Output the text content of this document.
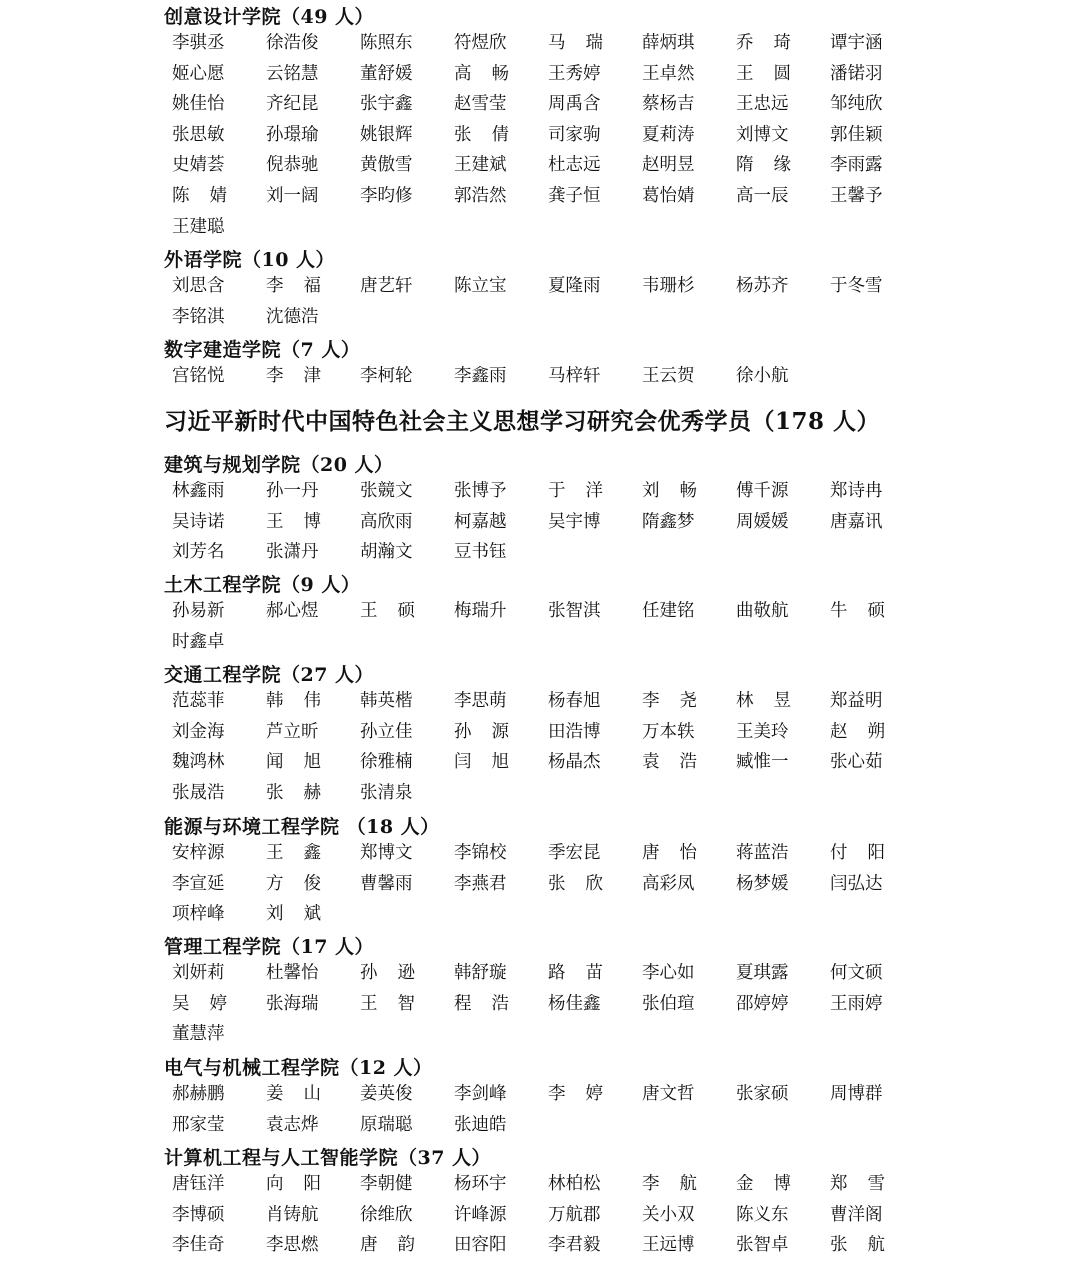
创意设计学院（49 人）
李骐丞	徐浩俊	陈照东	符煜欣	马瑞	薛炳琪	乔琦	谭宇涵
姬心愿	云铭慧	董舒媛	高畅	王秀婷	王卓然	王圆	潘锘羽
姚佳怡	齐纪昆	张宇鑫	赵雪莹	周禹含	蔡杨吉	王忠远	邹纯欣
张思敏	孙璟瑜	姚银辉	张倩	司家驹	夏莉涛	刘博文	郭佳颖
史婧荟	倪恭驰	黄傲雪	王建斌	杜志远	赵明昱	隋缘	李雨露
陈婧	刘一阔	李昀修	郭浩然	龚子恒	葛怡婧	高一辰	王馨予
王建聪
外语学院（10 人）
刘思含	李福	唐艺轩	陈立宝	夏隆雨	韦珊杉	杨苏齐	于冬雪
李铭淇	沈德浩
数字建造学院（7 人）
宫铭悦	李津	李柯轮	李鑫雨	马梓轩	王云贺	徐小航
习近平新时代中国特色社会主义思想学习研究会优秀学员（178 人）
建筑与规划学院（20 人）
林鑫雨	孙一丹	张競文	张博予	于洋	刘畅	傅千源	郑诗冉
吴诗诺	王博	高欣雨	柯嘉越	吴宇博	隋鑫梦	周媛媛	唐嘉讯
刘芳名	张潇丹	胡瀚文	豆书钰
土木工程学院（9 人）
孙易新	郝心煜	王硕	梅瑞升	张智淇	任建铭	曲敬航	牛硕
时鑫卓
交通工程学院（27 人）
范蕊菲	韩伟	韩英楷	李思萌	杨春旭	李尧	林昱	郑益明
刘金海	芦立昕	孙立佳	孙源	田浩博	万本轶	王美玲	赵朔
魏鸿林	闻旭	徐雅楠	闫旭	杨晶杰	袁浩	臧惟一	张心茹
张晟浩	张赫	张清泉
能源与环境工程学院 （18 人）
安梓源	王鑫	郑博文	李锦校	季宏昆	唐怡	蒋蓝浩	付阳
李宣延	方俊	曹馨雨	李燕君	张欣	高彩凤	杨梦媛	闫弘达
项梓峰	刘斌
管理工程学院（17 人）
刘妍莉	杜馨怡	孙逊	韩舒璇	路苗	李心如	夏琪露	何文硕
吴婷	张海瑞	王智	程浩	杨佳鑫	张伯瑄	邵婷婷	王雨婷
董慧萍
电气与机械工程学院（12 人）
郝赫鹏	姜山	姜英俊	李剑峰	李婷	唐文哲	张家硕	周博群
邢家莹	袁志烨	原瑞聪	张迪皓
计算机工程与人工智能学院（37 人）
唐钰洋	向阳	李朝健	杨环宇	林柏松	李航	金博	郑雪
李博硕	肖铸航	徐维欣	许峰源	万航郡	关小双	陈义东	曹洋阁
李佳奇	李思燃	唐韵	田容阳	李君毅	王远博	张智卓	张航
